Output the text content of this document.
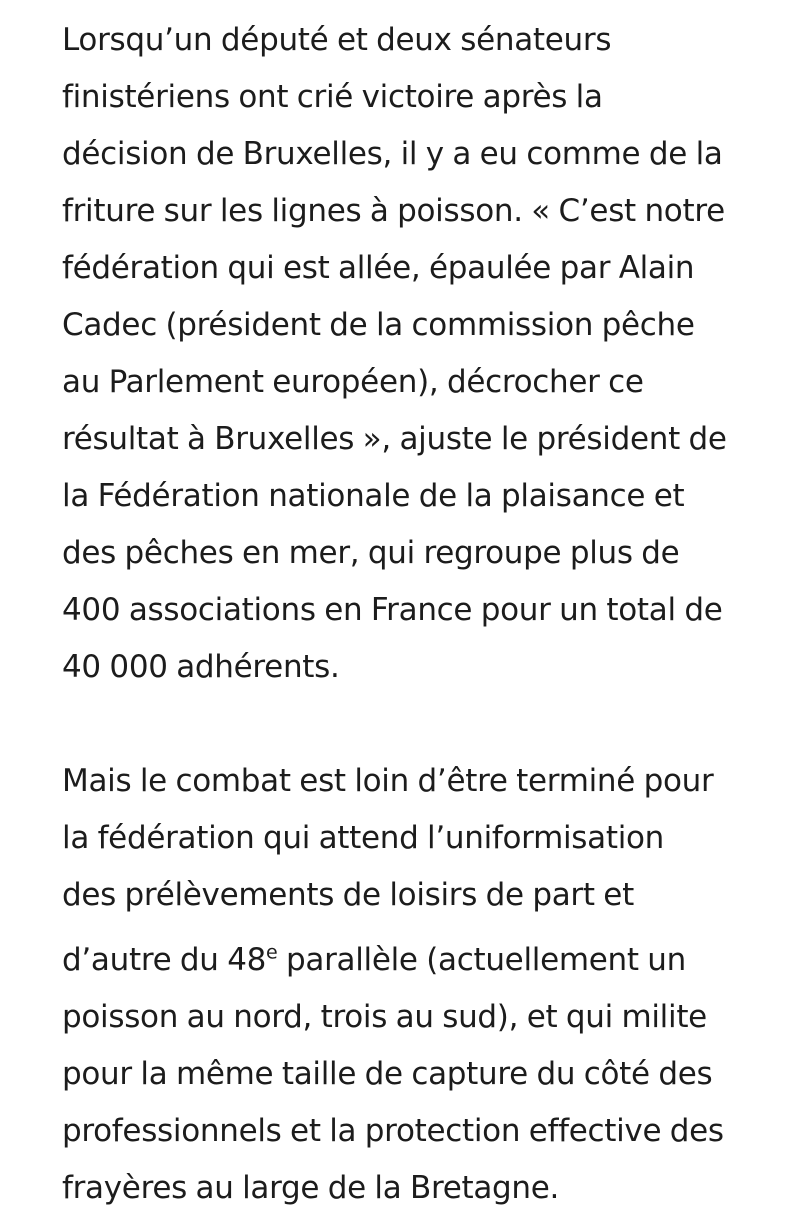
Lorsqu’un député et deux sénateurs
finistériens ont crié victoire après la
décision de Bruxelles, il y a eu comme de la
friture sur les lignes à poisson. « C’est notre
fédération qui est allée, épaulée par Alain
Cadec (président de la commission pêche
au Parlement européen), décrocher ce
résultat à Bruxelles », ajuste le président de
la Fédération nationale de la plaisance et
des pêches en mer, qui regroupe plus de
400 associations en France pour un total de
40 000 adhérents.

Mais le combat est loin d’être terminé pour
la fédération qui attend l’uniformisation
des prélèvements de loisirs de part et
d’autre du 48e parallèle (actuellement un
poisson au nord, trois au sud), et qui milite
pour la même taille de capture du côté des
professionnels et la protection effective des
frayères au large de la Bretagne.
